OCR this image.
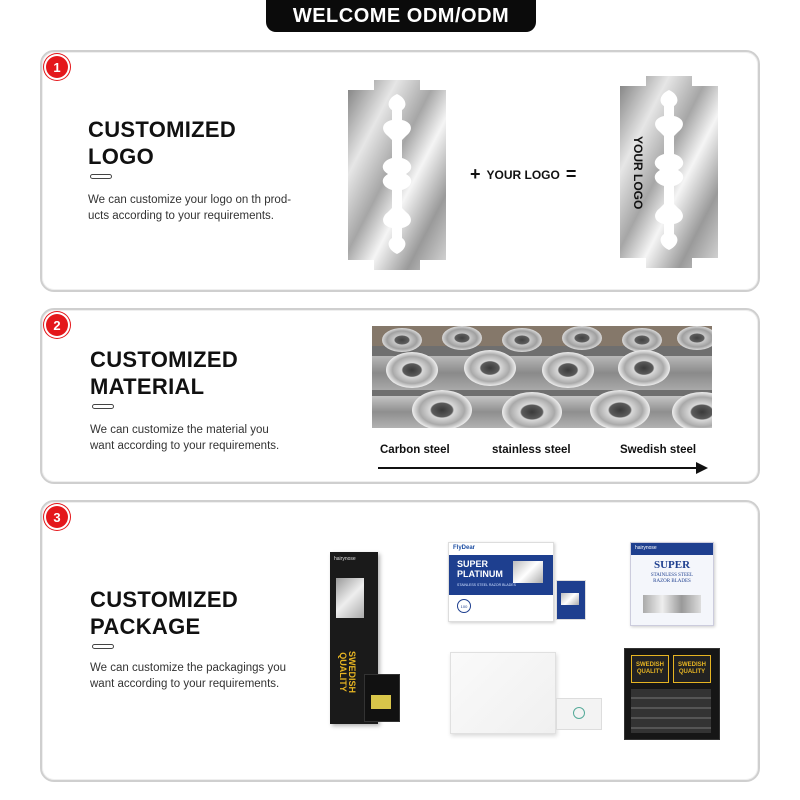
WELCOME ODM/ODM
1
CUSTOMIZED
LOGO
We can customize your logo on th prod-
ucts according to your requirements.
+ YOUR LOGO =	YOUR LOGO
2
CUSTOMIZED
MATERIAL
We can customize the material you
want according to your requirements.	Carbon steel	stainless steel	Swedish steel
3
CUSTOMIZED
PACKAGE
We can customize the packagings you
want according to your requirements.
hairynose
SWEDISH
QUALITY
FlyDear
SUPER
PLATINUM
STAINLESS STEEL RAZOR BLADES
100
hairynose
SUPER
STAINLESS STEEL
RAZOR BLADES
SWEDISH
QUALITY
SWEDISH
QUALITY
